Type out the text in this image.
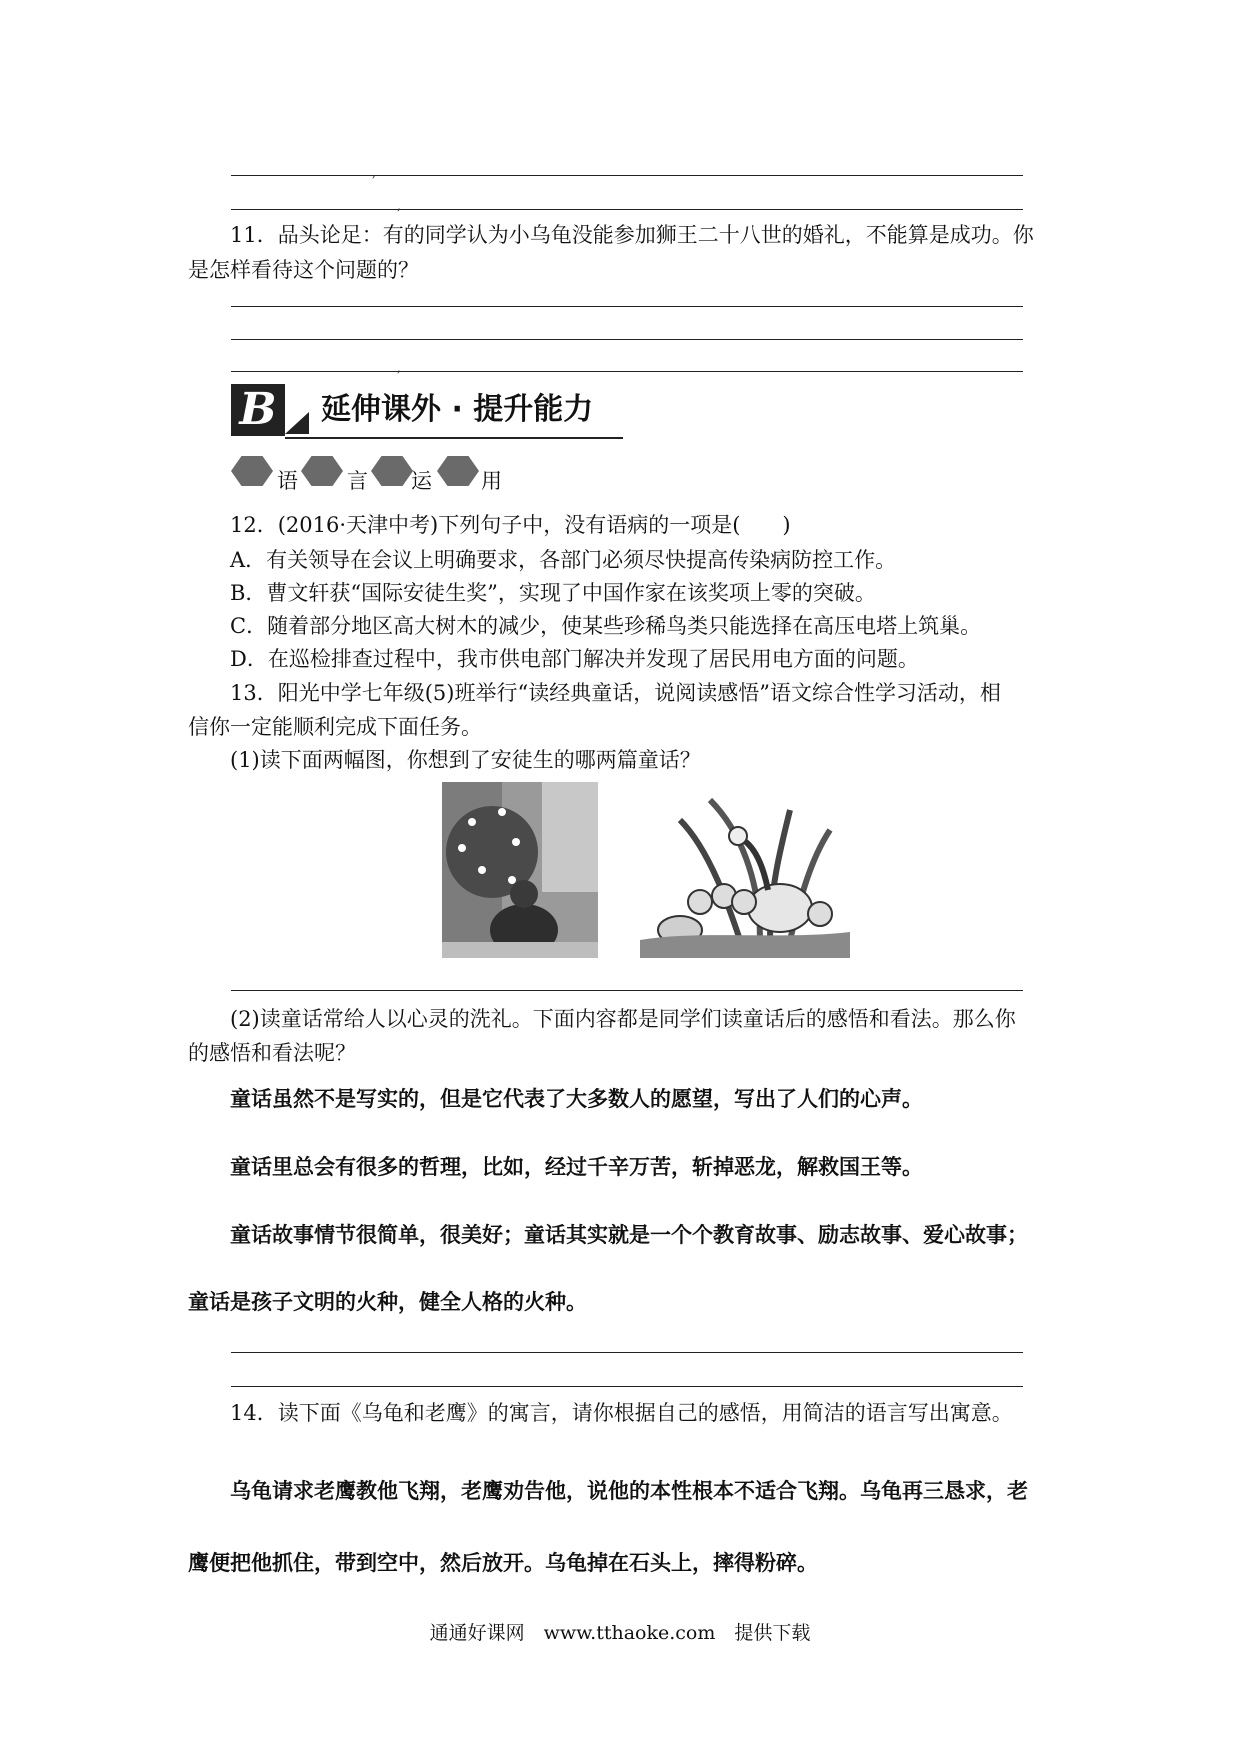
,
,
11．品头论足：有的同学认为小乌龟没能参加狮王二十八世的婚礼，不能算是成功。你
是怎样看待这个问题的？
,
B 延伸课外 · 提升能力
语 言 运 用
12．(2016·天津中考)下列句子中，没有语病的一项是(　　)
A．有关领导在会议上明确要求，各部门必须尽快提高传染病防控工作。
B．曹文轩获“国际安徒生奖”，实现了中国作家在该奖项上零的突破。
C．随着部分地区高大树木的减少，使某些珍稀鸟类只能选择在高压电塔上筑巢。
D．在巡检排查过程中，我市供电部门解决并发现了居民用电方面的问题。
13．阳光中学七年级(5)班举行“读经典童话，说阅读感悟”语文综合性学习活动，相
信你一定能顺利完成下面任务。
(1)读下面两幅图，你想到了安徒生的哪两篇童话？
(2)读童话常给人以心灵的洗礼。下面内容都是同学们读童话后的感悟和看法。那么你
的感悟和看法呢？
童话虽然不是写实的，但是它代表了大多数人的愿望，写出了人们的心声。
童话里总会有很多的哲理，比如，经过千辛万苦，斩掉恶龙，解救国王等。
童话故事情节很简单，很美好；童话其实就是一个个教育故事、励志故事、爱心故事；
童话是孩子文明的火种，健全人格的火种。
14．读下面《乌龟和老鹰》的寓言，请你根据自己的感悟，用简洁的语言写出寓意。
乌龟请求老鹰教他飞翔，老鹰劝告他，说他的本性根本不适合飞翔。乌龟再三恳求，老
鹰便把他抓住，带到空中，然后放开。乌龟掉在石头上，摔得粉碎。
通通好课网　www.tthaoke.com　提供下载
